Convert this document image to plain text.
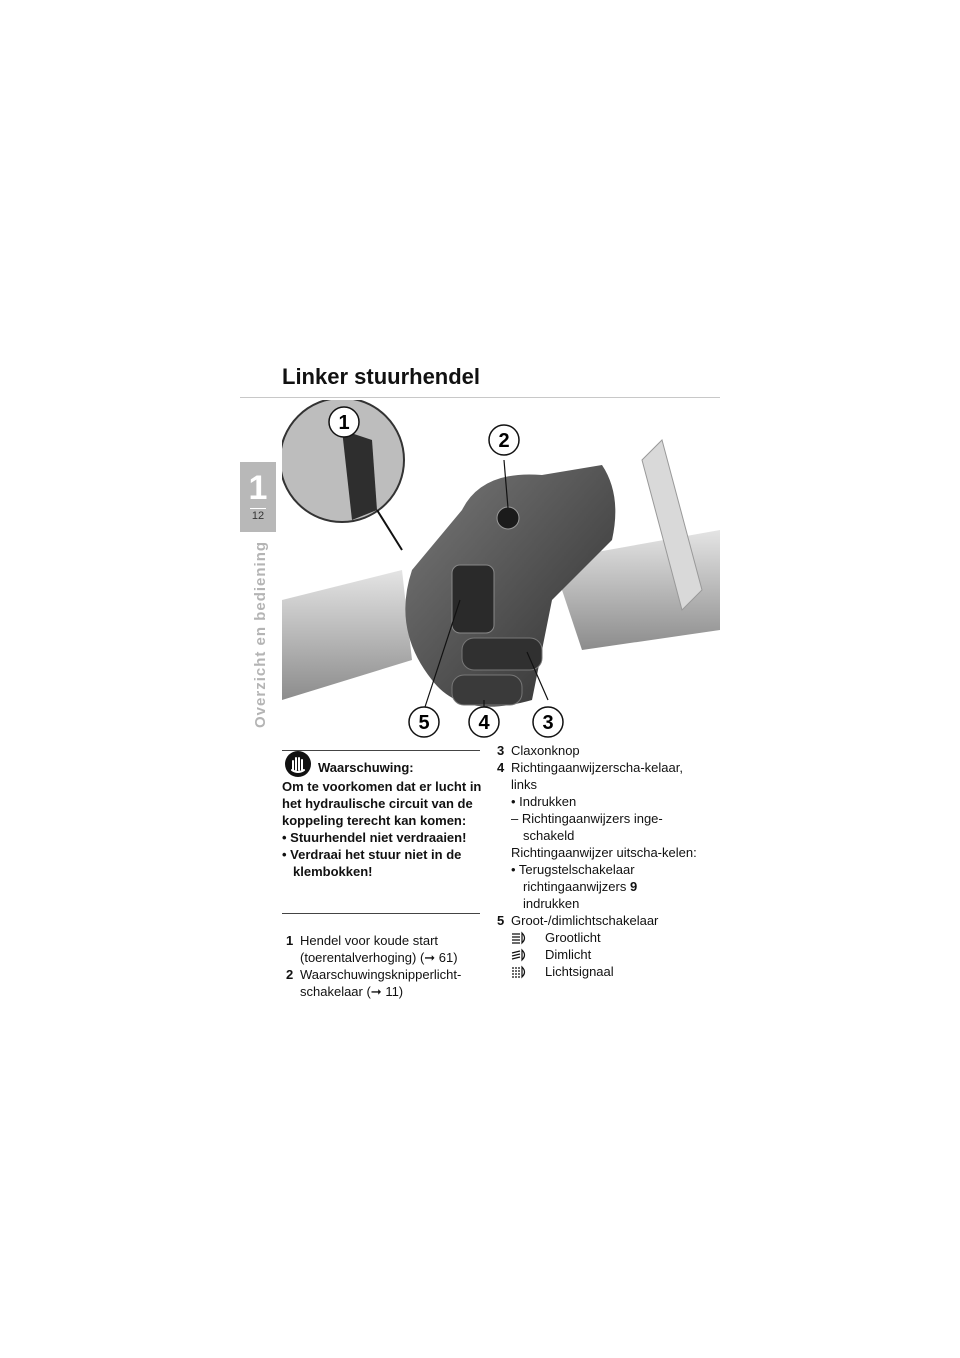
1
12
Overzicht en bediening
Linker stuurhendel
1
2
3
4
5
Waarschuwing:
Om te voorkomen dat er lucht in het hydraulische circuit van de koppeling terecht kan komen:
• Stuurhendel niet verdraaien!
• Verdraai het stuur niet in de klembokken!
1 Hendel voor koude start (toerentalverhoging) (➞ 61)
2 Waarschuwingsknipperlicht-schakelaar (➞ 11)
3 Claxonknop
4 Richtingaanwijzerscha-kelaar, links
• Indrukken
– Richtingaanwijzers inge-schakeld
Richtingaanwijzer uitscha-kelen:
• Terugstelschakelaar richtingaanwijzers 9
indrukken
5 Groot-/dimlichtschakelaar
Grootlicht
Dimlicht
Lichtsignaal
